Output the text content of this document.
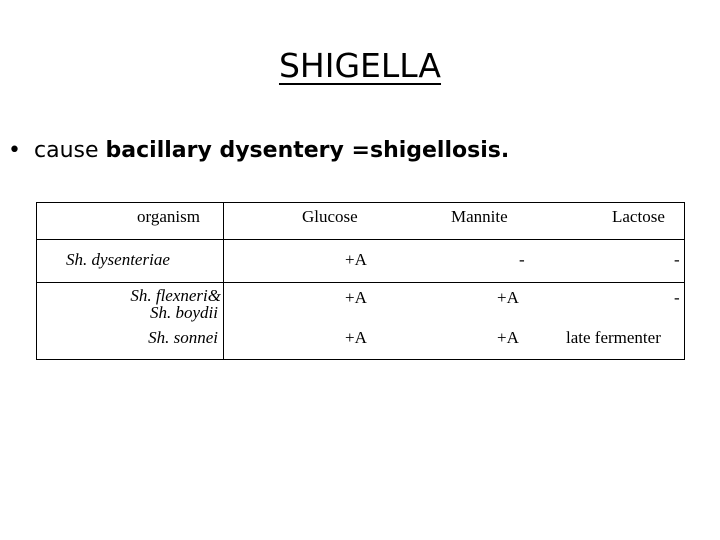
SHIGELLA
• cause bacillary dysentery =shigellosis.
organism	Glucose	Mannite	Lactose
Sh. dysenteriae	+A	-	-
Sh. flexneri&
Sh. boydii
+A	+A	-
Sh. sonnei	+A	+A	late fermenter
